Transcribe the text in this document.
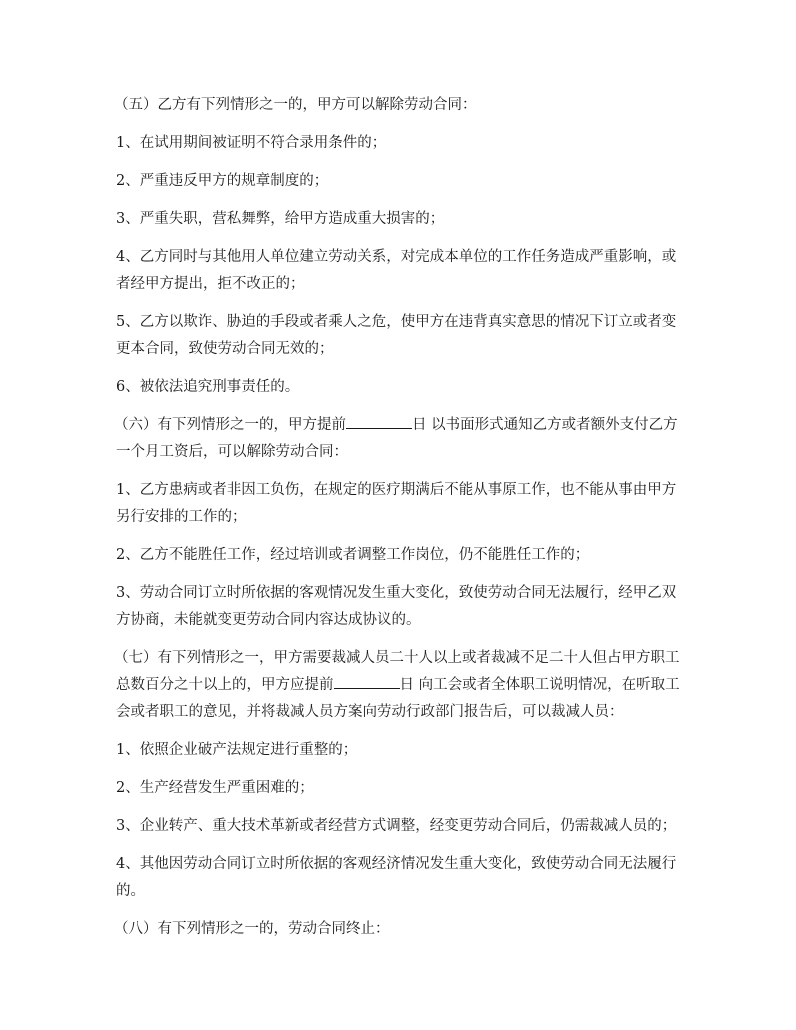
（五）乙方有下列情形之一的，甲方可以解除劳动合同：

1、在试用期间被证明不符合录用条件的；

2、严重违反甲方的规章制度的；

3、严重失职，营私舞弊，给甲方造成重大损害的；

4、乙方同时与其他用人单位建立劳动关系，对完成本单位的工作任务造成严重影响，或者经甲方提出，拒不改正的；

5、乙方以欺诈、胁迫的手段或者乘人之危，使甲方在违背真实意思的情况下订立或者变更本合同，致使劳动合同无效的；

6、被依法追究刑事责任的。

（六）有下列情形之一的，甲方提前	日 以书面形式通知乙方或者额外支付乙方一个月工资后，可以解除劳动合同：

1、乙方患病或者非因工负伤，在规定的医疗期满后不能从事原工作，也不能从事由甲方另行安排的工作的；

2、乙方不能胜任工作，经过培训或者调整工作岗位，仍不能胜任工作的；

3、劳动合同订立时所依据的客观情况发生重大变化，致使劳动合同无法履行，经甲乙双方协商，未能就变更劳动合同内容达成协议的。

（七）有下列情形之一，甲方需要裁减人员二十人以上或者裁减不足二十人但占甲方职工总数百分之十以上的，甲方应提前	日 向工会或者全体职工说明情况，在听取工会或者职工的意见，并将裁减人员方案向劳动行政部门报告后，可以裁减人员：

1、依照企业破产法规定进行重整的；

2、生产经营发生严重困难的；

3、企业转产、重大技术革新或者经营方式调整，经变更劳动合同后，仍需裁减人员的；

4、其他因劳动合同订立时所依据的客观经济情况发生重大变化，致使劳动合同无法履行的。

（八）有下列情形之一的，劳动合同终止：
